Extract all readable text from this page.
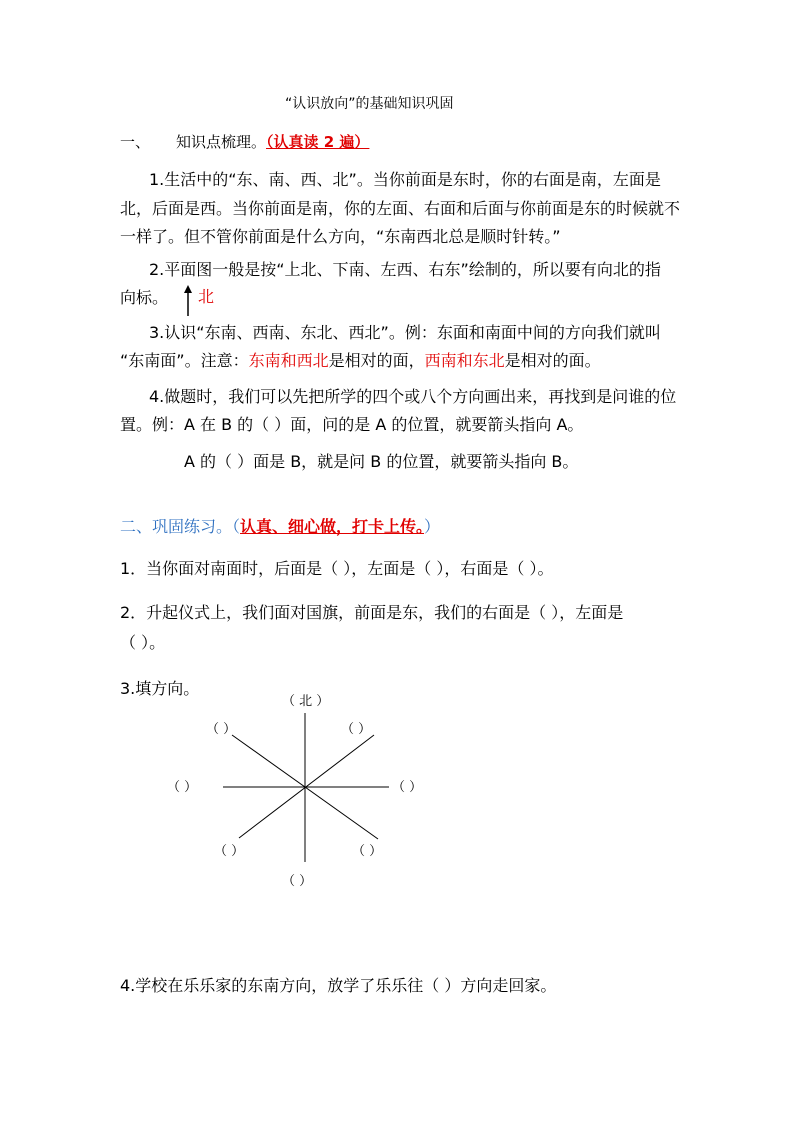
“认识放向”的基础知识巩固
一、 知识点梳理。（认真读 2 遍）
1.生活中的“东、南、西、北”。当你前面是东时，你的右面是南，左面是
北，后面是西。当你前面是南，你的左面、右面和后面与你前面是东的时候就不
一样了。但不管你前面是什么方向，“东南西北总是顺时针转。”
2.平面图一般是按“上北、下南、左西、右东”绘制的，所以要有向北的指
向标。 北
3.认识“东南、西南、东北、西北”。例：东面和南面中间的方向我们就叫
“东南面”。注意：东南和西北是相对的面，西南和东北是相对的面。
4.做题时，我们可以先把所学的四个或八个方向画出来，再找到是问谁的位
置。例：A 在 B 的（ ）面，问的是 A 的位置，就要箭头指向 A。
A 的（ ）面是 B，就是问 B 的位置，就要箭头指向 B。
二、巩固练习。（认真、细心做，打卡上传。）
1．当你面对南面时，后面是（ ），左面是（ ），右面是（ ）。
2．升起仪式上，我们面对国旗，前面是东，我们的右面是（ ），左面是
（ ）。
3.填方向。
（ 北 ）
（ ）	（ ）
（ ）	（ ）
（ ）	（ ）
（ ）
4.学校在乐乐家的东南方向，放学了乐乐往（ ）方向走回家。
